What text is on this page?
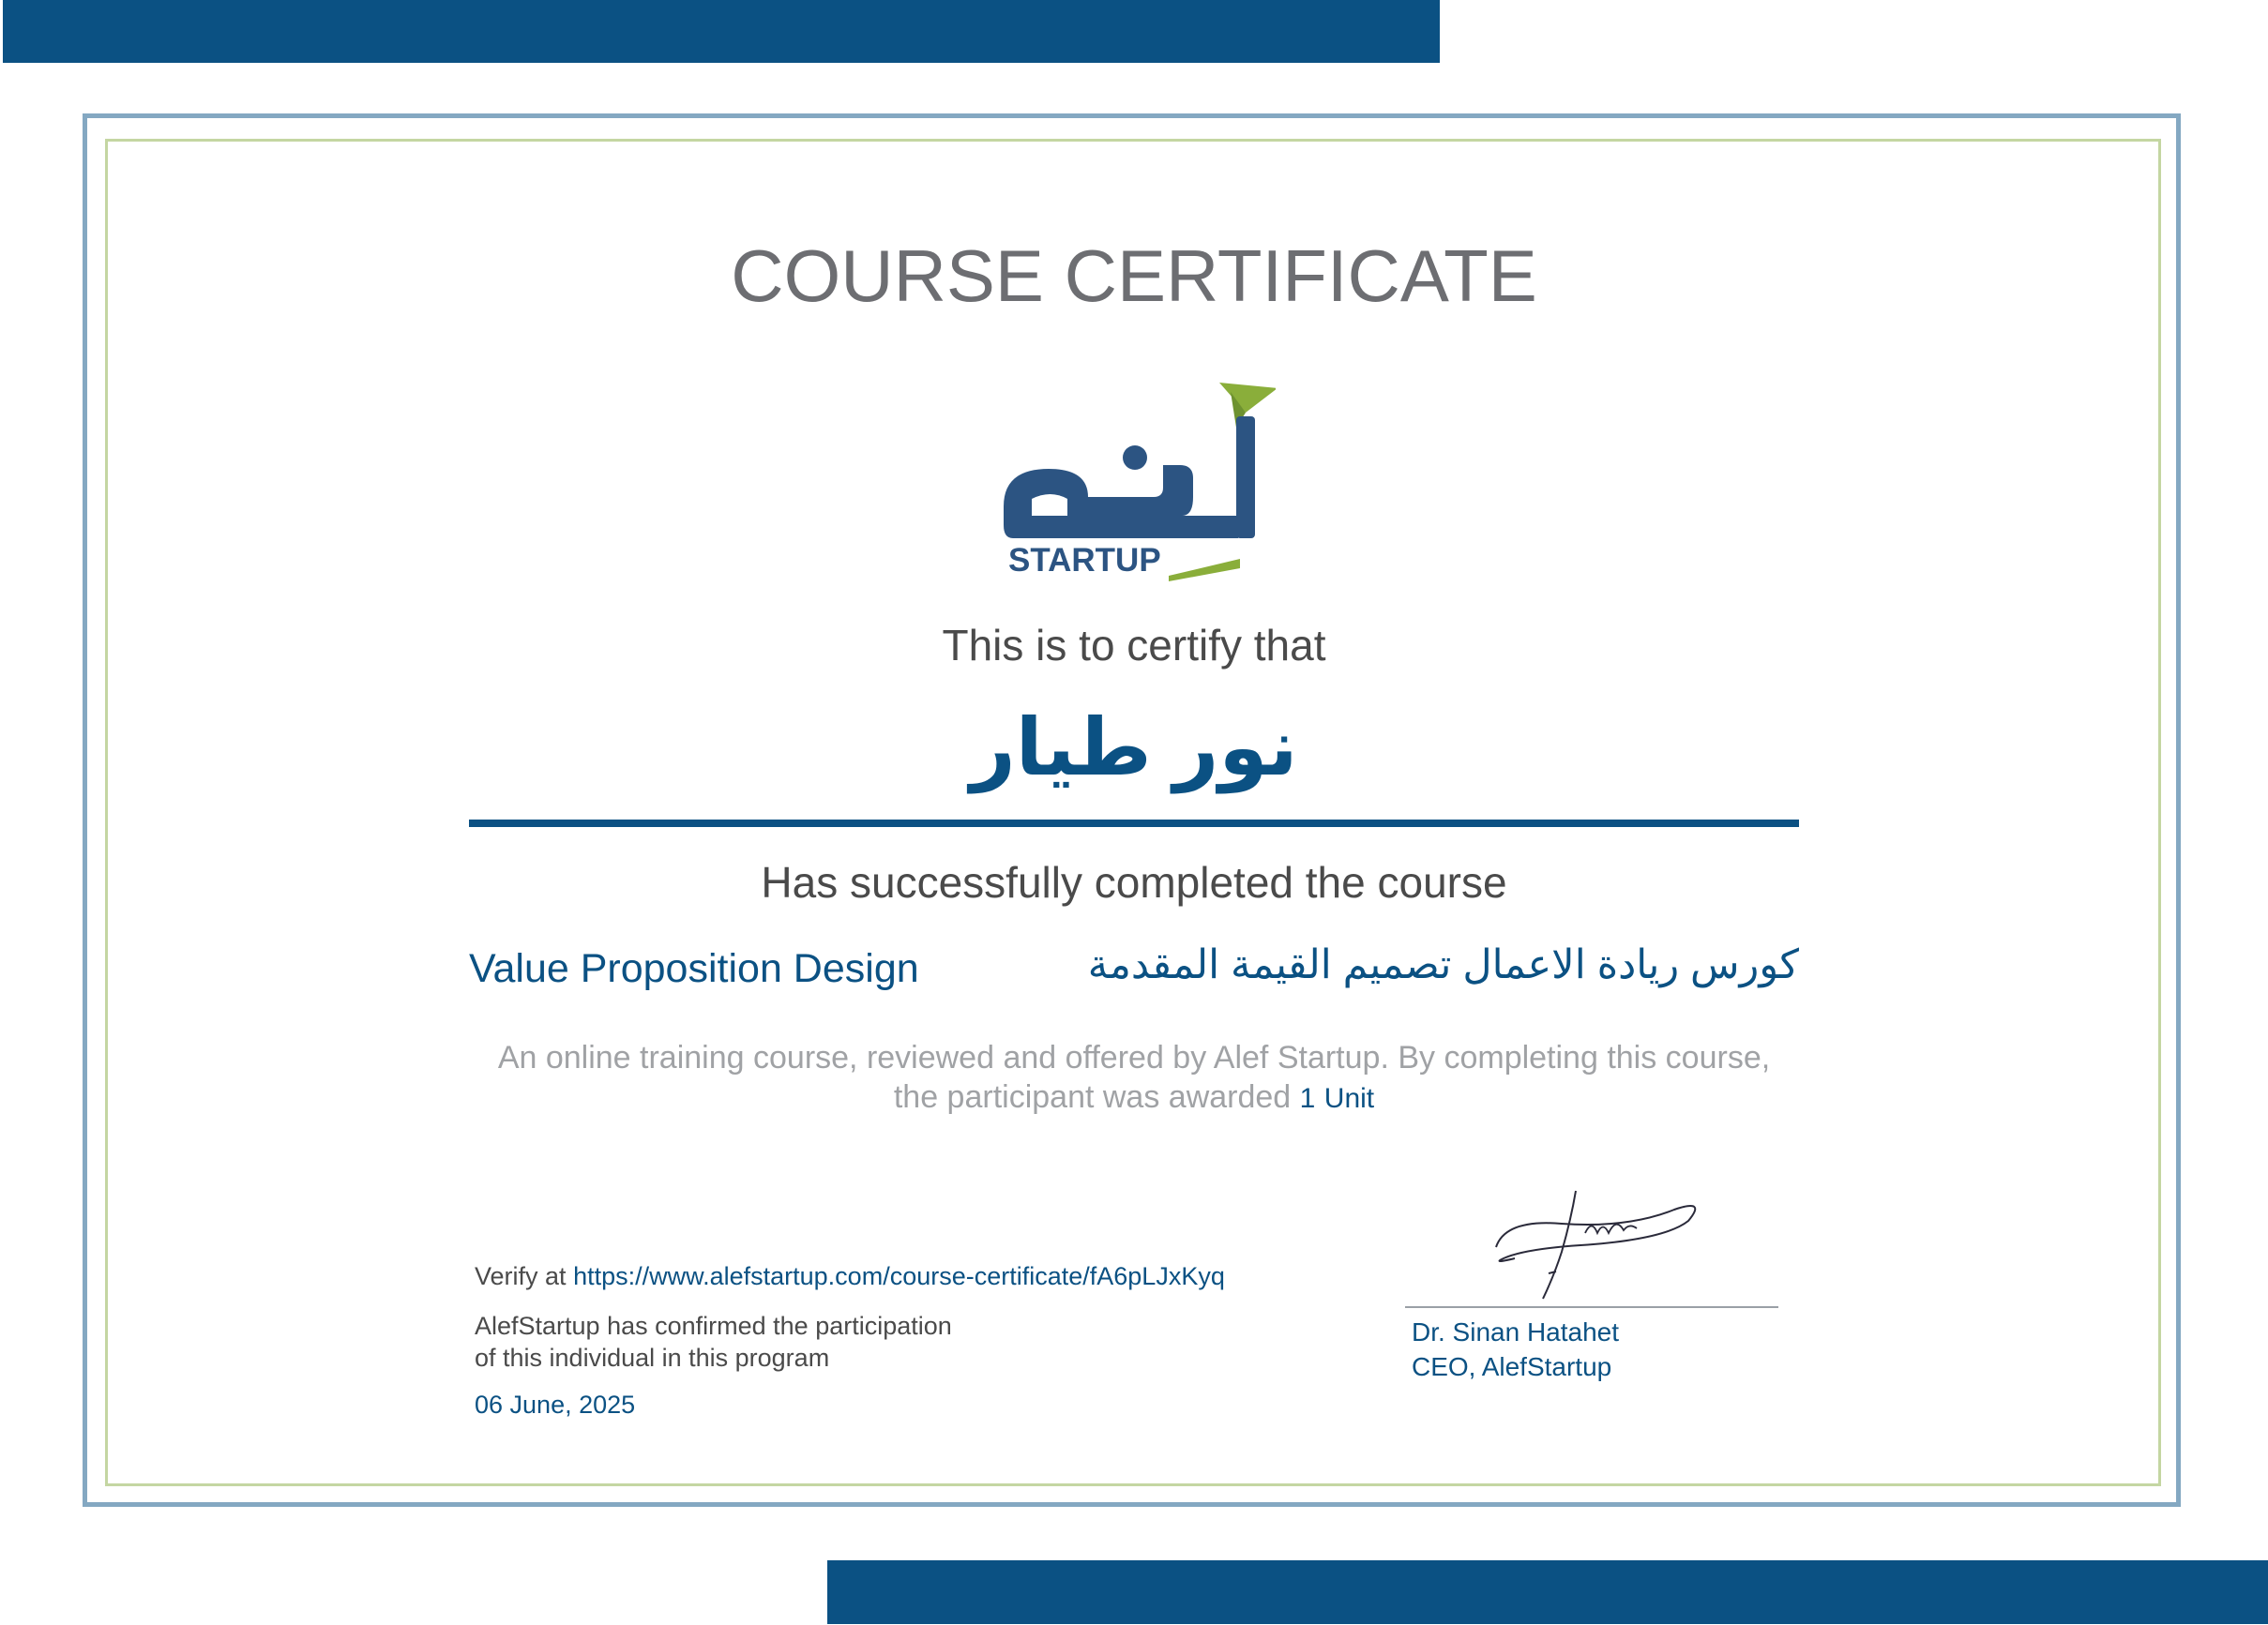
COURSE CERTIFICATE
STARTUP
This is to certify that
نور طيار
Has successfully completed the course
Value Proposition Design	كورس ريادة الاعمال تصميم القيمة المقدمة
An online training course, reviewed and offered by Alef Startup. By completing this course,
the participant was awarded 1 Unit
Verify at https://www.alefstartup.com/course-certificate/fA6pLJxKyq
AlefStartup has confirmed the participation
of this individual in this program
06 June, 2025
Dr. Sinan Hatahet
CEO, AlefStartup
